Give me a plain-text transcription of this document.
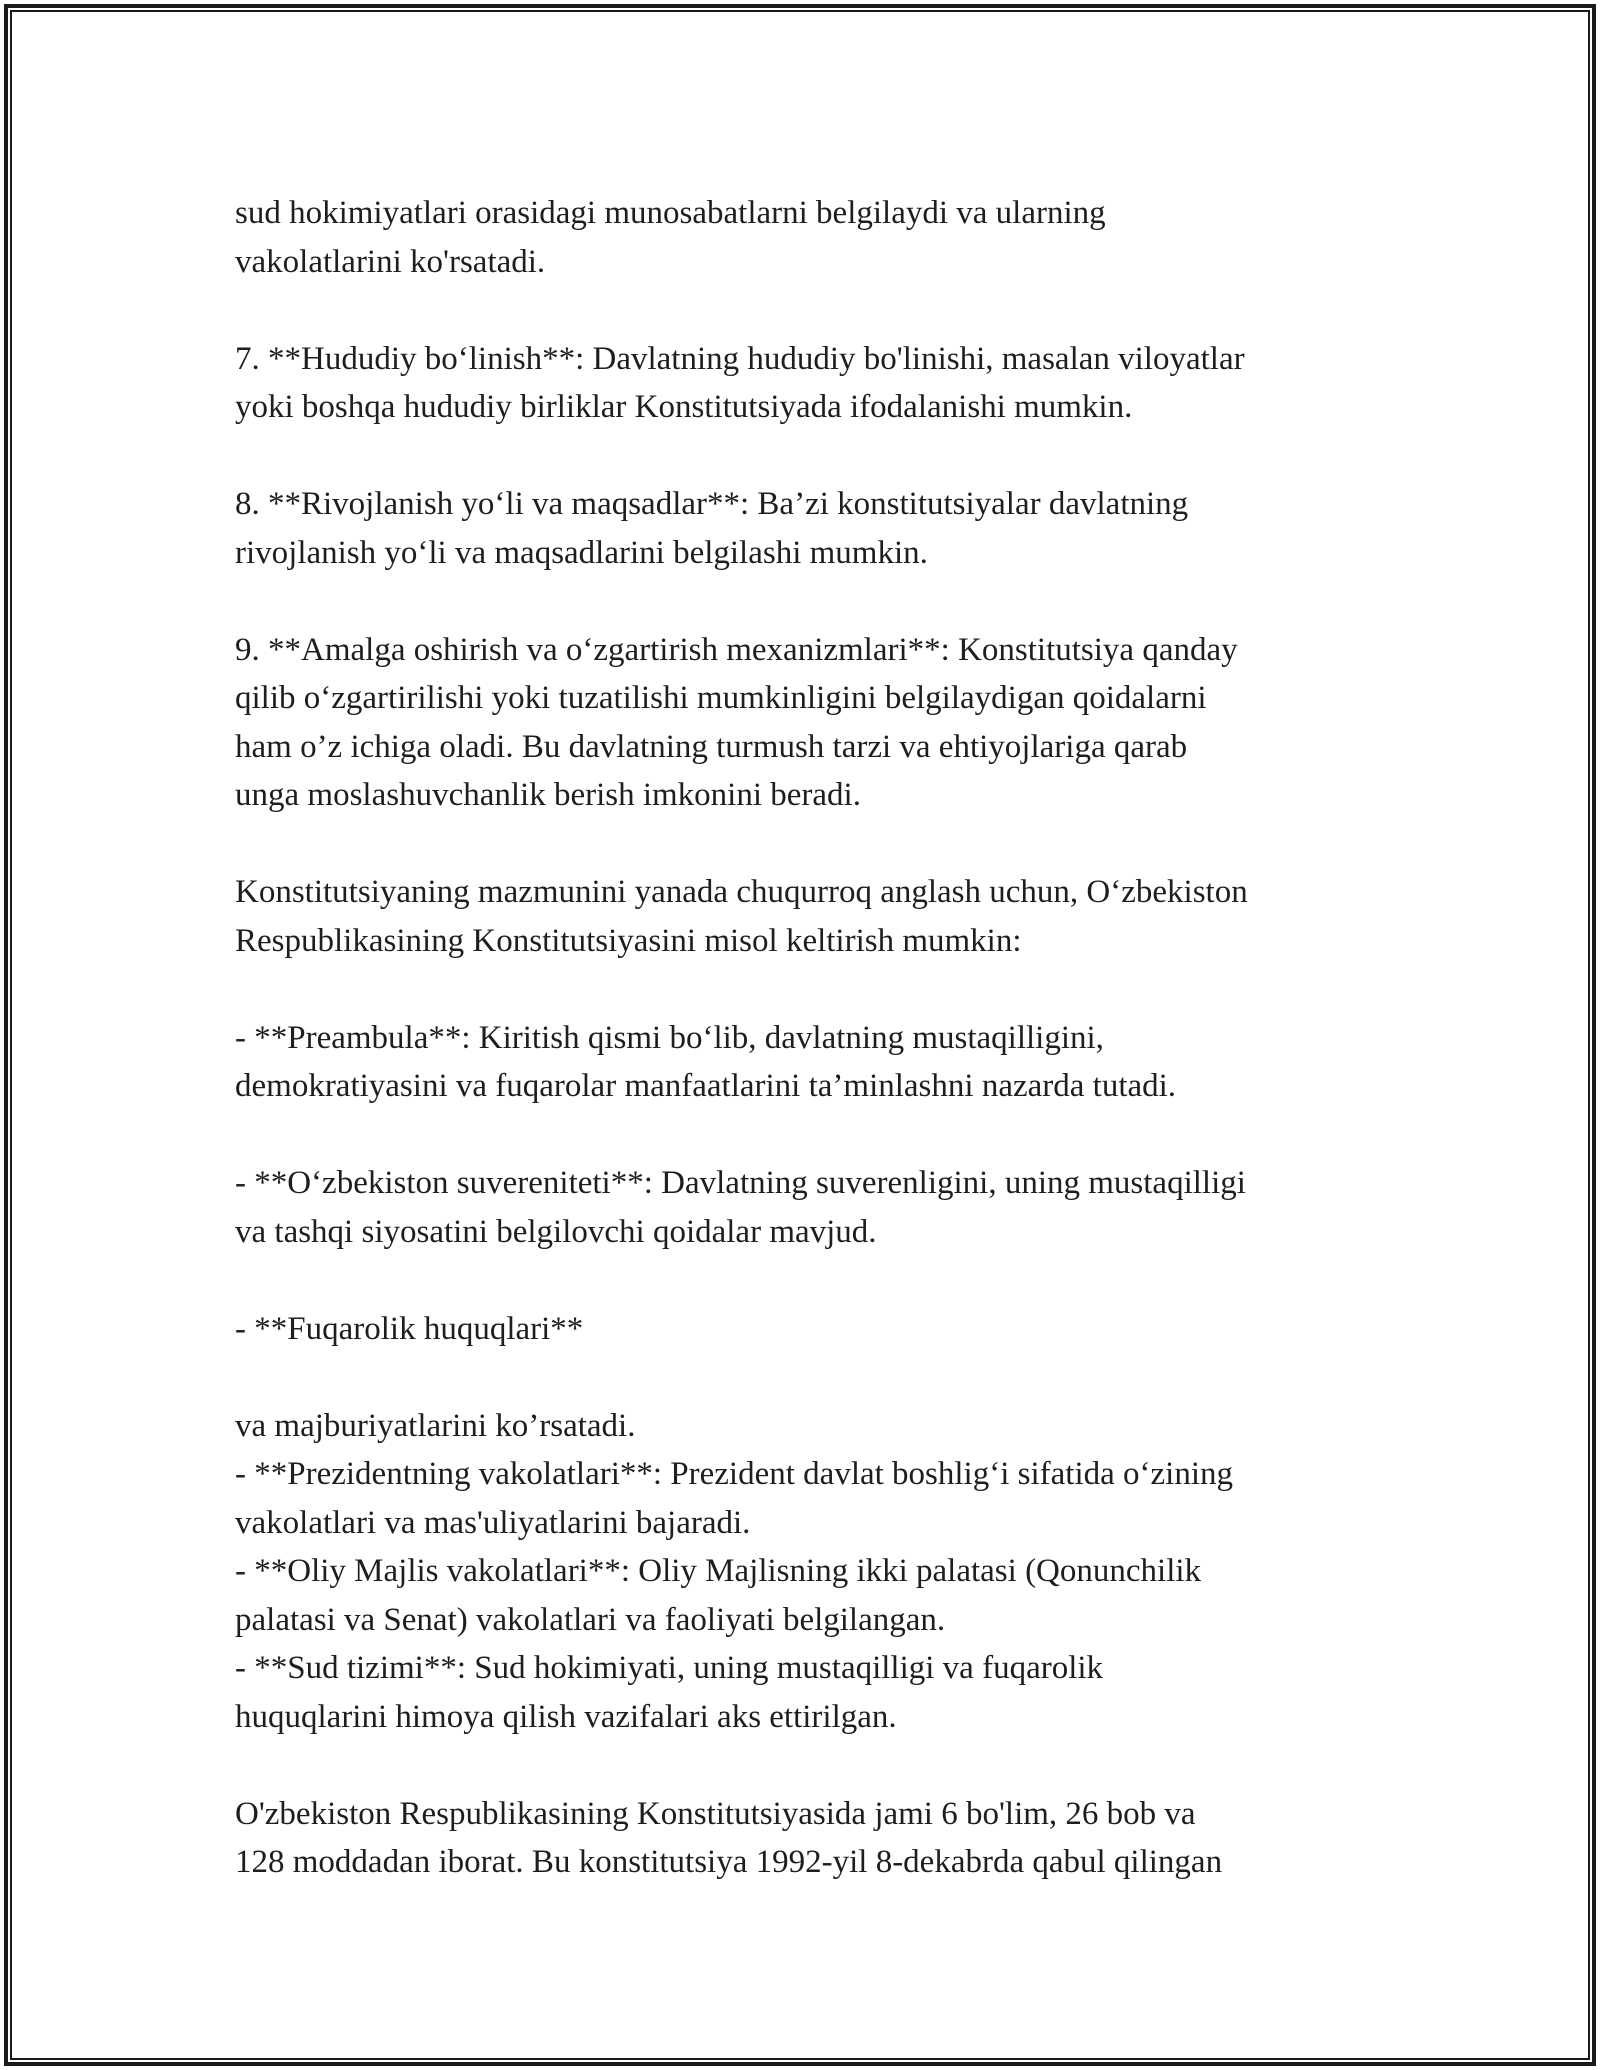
sud hokimiyatlari orasidagi munosabatlarni belgilaydi va ularning

vakolatlarini ko'rsatadi.

7. **Hududiy bo‘linish**: Davlatning hududiy bo'linishi, masalan viloyatlar

yoki boshqa hududiy birliklar Konstitutsiyada ifodalanishi mumkin.

8. **Rivojlanish yo‘li va maqsadlar**: Ba’zi konstitutsiyalar davlatning

rivojlanish yo‘li va maqsadlarini belgilashi mumkin.

9. **Amalga oshirish va o‘zgartirish mexanizmlari**: Konstitutsiya qanday

qilib o‘zgartirilishi yoki tuzatilishi mumkinligini belgilaydigan qoidalarni

ham o’z ichiga oladi. Bu davlatning turmush tarzi va ehtiyojlariga qarab

unga moslashuvchanlik berish imkonini beradi.

Konstitutsiyaning mazmunini yanada chuqurroq anglash uchun, O‘zbekiston

Respublikasining Konstitutsiyasini misol keltirish mumkin:

- **Preambula**: Kiritish qismi bo‘lib, davlatning mustaqilligini,

demokratiyasini va fuqarolar manfaatlarini ta’minlashni nazarda tutadi.

- **O‘zbekiston suvereniteti**: Davlatning suverenligini, uning mustaqilligi

va tashqi siyosatini belgilovchi qoidalar mavjud.

- **Fuqarolik huquqlari**

va majburiyatlarini ko’rsatadi.

- **Prezidentning vakolatlari**: Prezident davlat boshlig‘i sifatida o‘zining

vakolatlari va mas'uliyatlarini bajaradi.

- **Oliy Majlis vakolatlari**: Oliy Majlisning ikki palatasi (Qonunchilik

palatasi va Senat) vakolatlari va faoliyati belgilangan.

- **Sud tizimi**: Sud hokimiyati, uning mustaqilligi va fuqarolik

huquqlarini himoya qilish vazifalari aks ettirilgan.

O'zbekiston Respublikasining Konstitutsiyasida jami 6 bo'lim, 26 bob va

128 moddadan iborat. Bu konstitutsiya 1992-yil 8-dekabrda qabul qilingan
